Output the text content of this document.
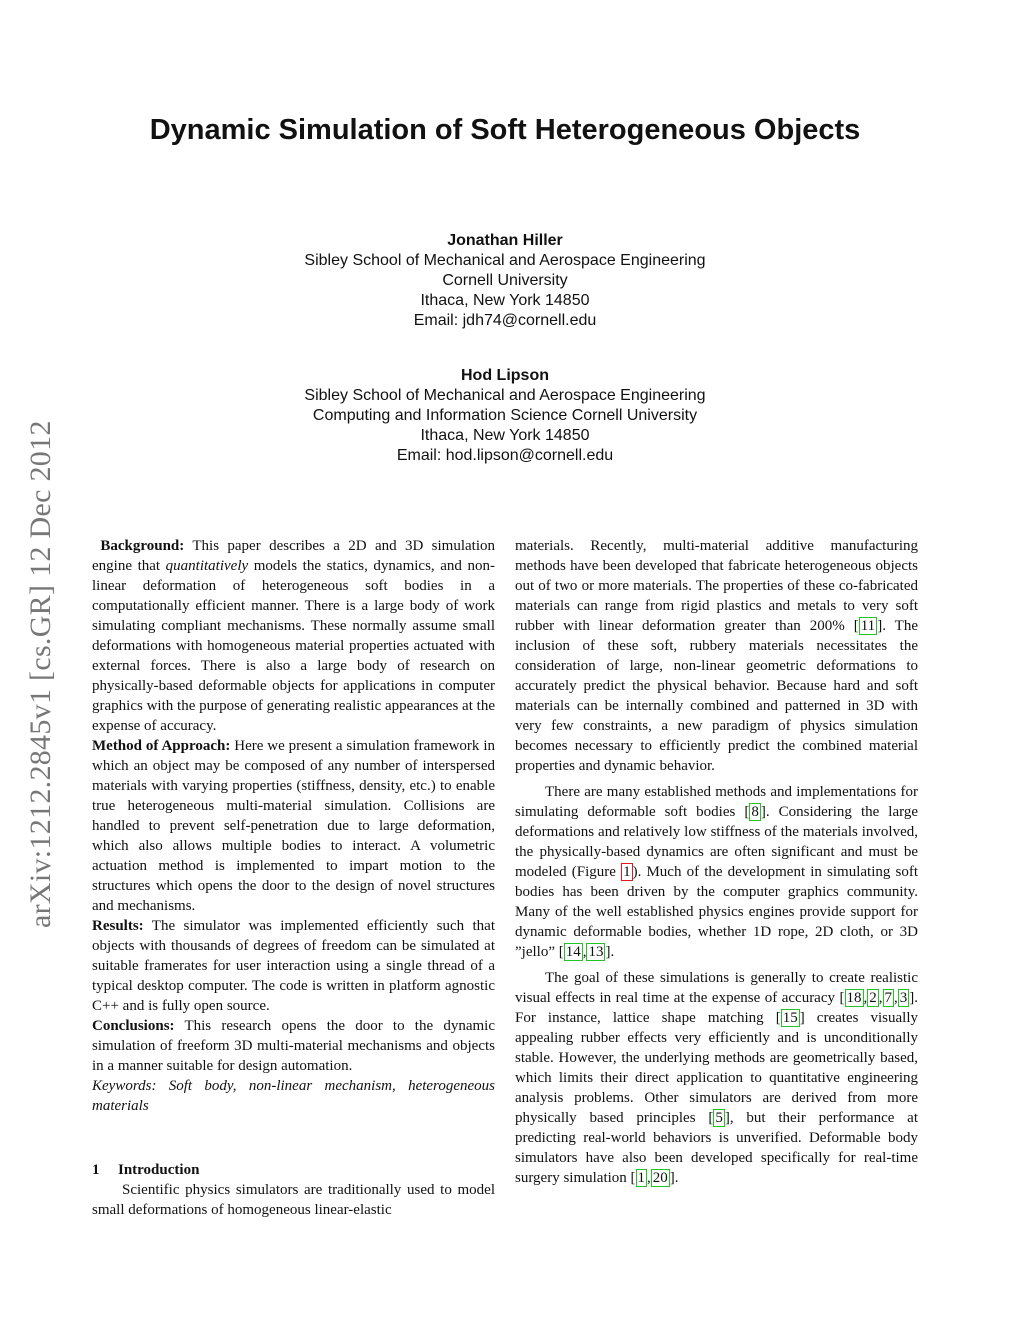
Dynamic Simulation of Soft Heterogeneous Objects
Jonathan Hiller
Sibley School of Mechanical and Aerospace Engineering
Cornell University
Ithaca, New York 14850
Email: jdh74@cornell.edu
Hod Lipson
Sibley School of Mechanical and Aerospace Engineering
Computing and Information Science Cornell University
Ithaca, New York 14850
Email: hod.lipson@cornell.edu
arXiv:1212.2845v1 [cs.GR] 12 Dec 2012	Background: This paper describes a 2D and 3D simulation engine that quantitatively models the statics, dynamics, and non-linear deformation of heterogeneous soft bodies in a computationally efficient manner. There is a large body of work simulating compliant mechanisms. These normally assume small deformations with homogeneous material properties actuated with external forces. There is also a large body of research on physically-based deformable objects for applications in computer graphics with the purpose of generating realistic appearances at the expense of accuracy.

Method of Approach: Here we present a simulation framework in which an object may be composed of any number of interspersed materials with varying properties (stiffness, density, etc.) to enable true heterogeneous multi-material simulation. Collisions are handled to prevent self-penetration due to large deformation, which also allows multiple bodies to interact. A volumetric actuation method is implemented to impart motion to the structures which opens the door to the design of novel structures and mechanisms.

Results: The simulator was implemented efficiently such that objects with thousands of degrees of freedom can be simulated at suitable framerates for user interaction using a single thread of a typical desktop computer. The code is written in platform agnostic C++ and is fully open source.

Conclusions: This research opens the door to the dynamic simulation of freeform 3D multi-material mechanisms and objects in a manner suitable for design automation.

Keywords: Soft body, non-linear mechanism, heterogeneous materials

1 Introduction

Scientific physics simulators are traditionally used to model small deformations of homogeneous linear-elastic

materials. Recently, multi-material additive manufacturing methods have been developed that fabricate heterogeneous objects out of two or more materials. The properties of these co-fabricated materials can range from rigid plastics and metals to very soft rubber with linear deformation greater than 200% [ 11 ]. The inclusion of these soft, rubbery materials necessitates the consideration of large, non-linear geometric deformations to accurately predict the physical behavior. Because hard and soft materials can be internally combined and patterned in 3D with very few constraints, a new paradigm of physics simulation becomes necessary to efficiently predict the combined material properties and dynamic behavior.

There are many established methods and implementations for simulating deformable soft bodies [ 8 ]. Considering the large deformations and relatively low stiffness of the materials involved, the physically-based dynamics are often significant and must be modeled (Figure 1 ). Much of the development in simulating soft bodies has been driven by the computer graphics community. Many of the well established physics engines provide support for dynamic deformable bodies, whether 1D rope, 2D cloth, or 3D ”jello” [ 14 , 13 ].

The goal of these simulations is generally to create realistic visual effects in real time at the expense of accuracy [ 18 , 2 , 7 , 3 ]. For instance, lattice shape matching [ 15 ] creates visually appealing rubber effects very efficiently and is unconditionally stable. However, the underlying methods are geometrically based, which limits their direct application to quantitative engineering analysis problems. Other simulators are derived from more physically based principles [ 5 ], but their performance at predicting real-world behaviors is unverified. Deformable body simulators have also been developed specifically for real-time surgery simulation [ 1 , 20 ].
